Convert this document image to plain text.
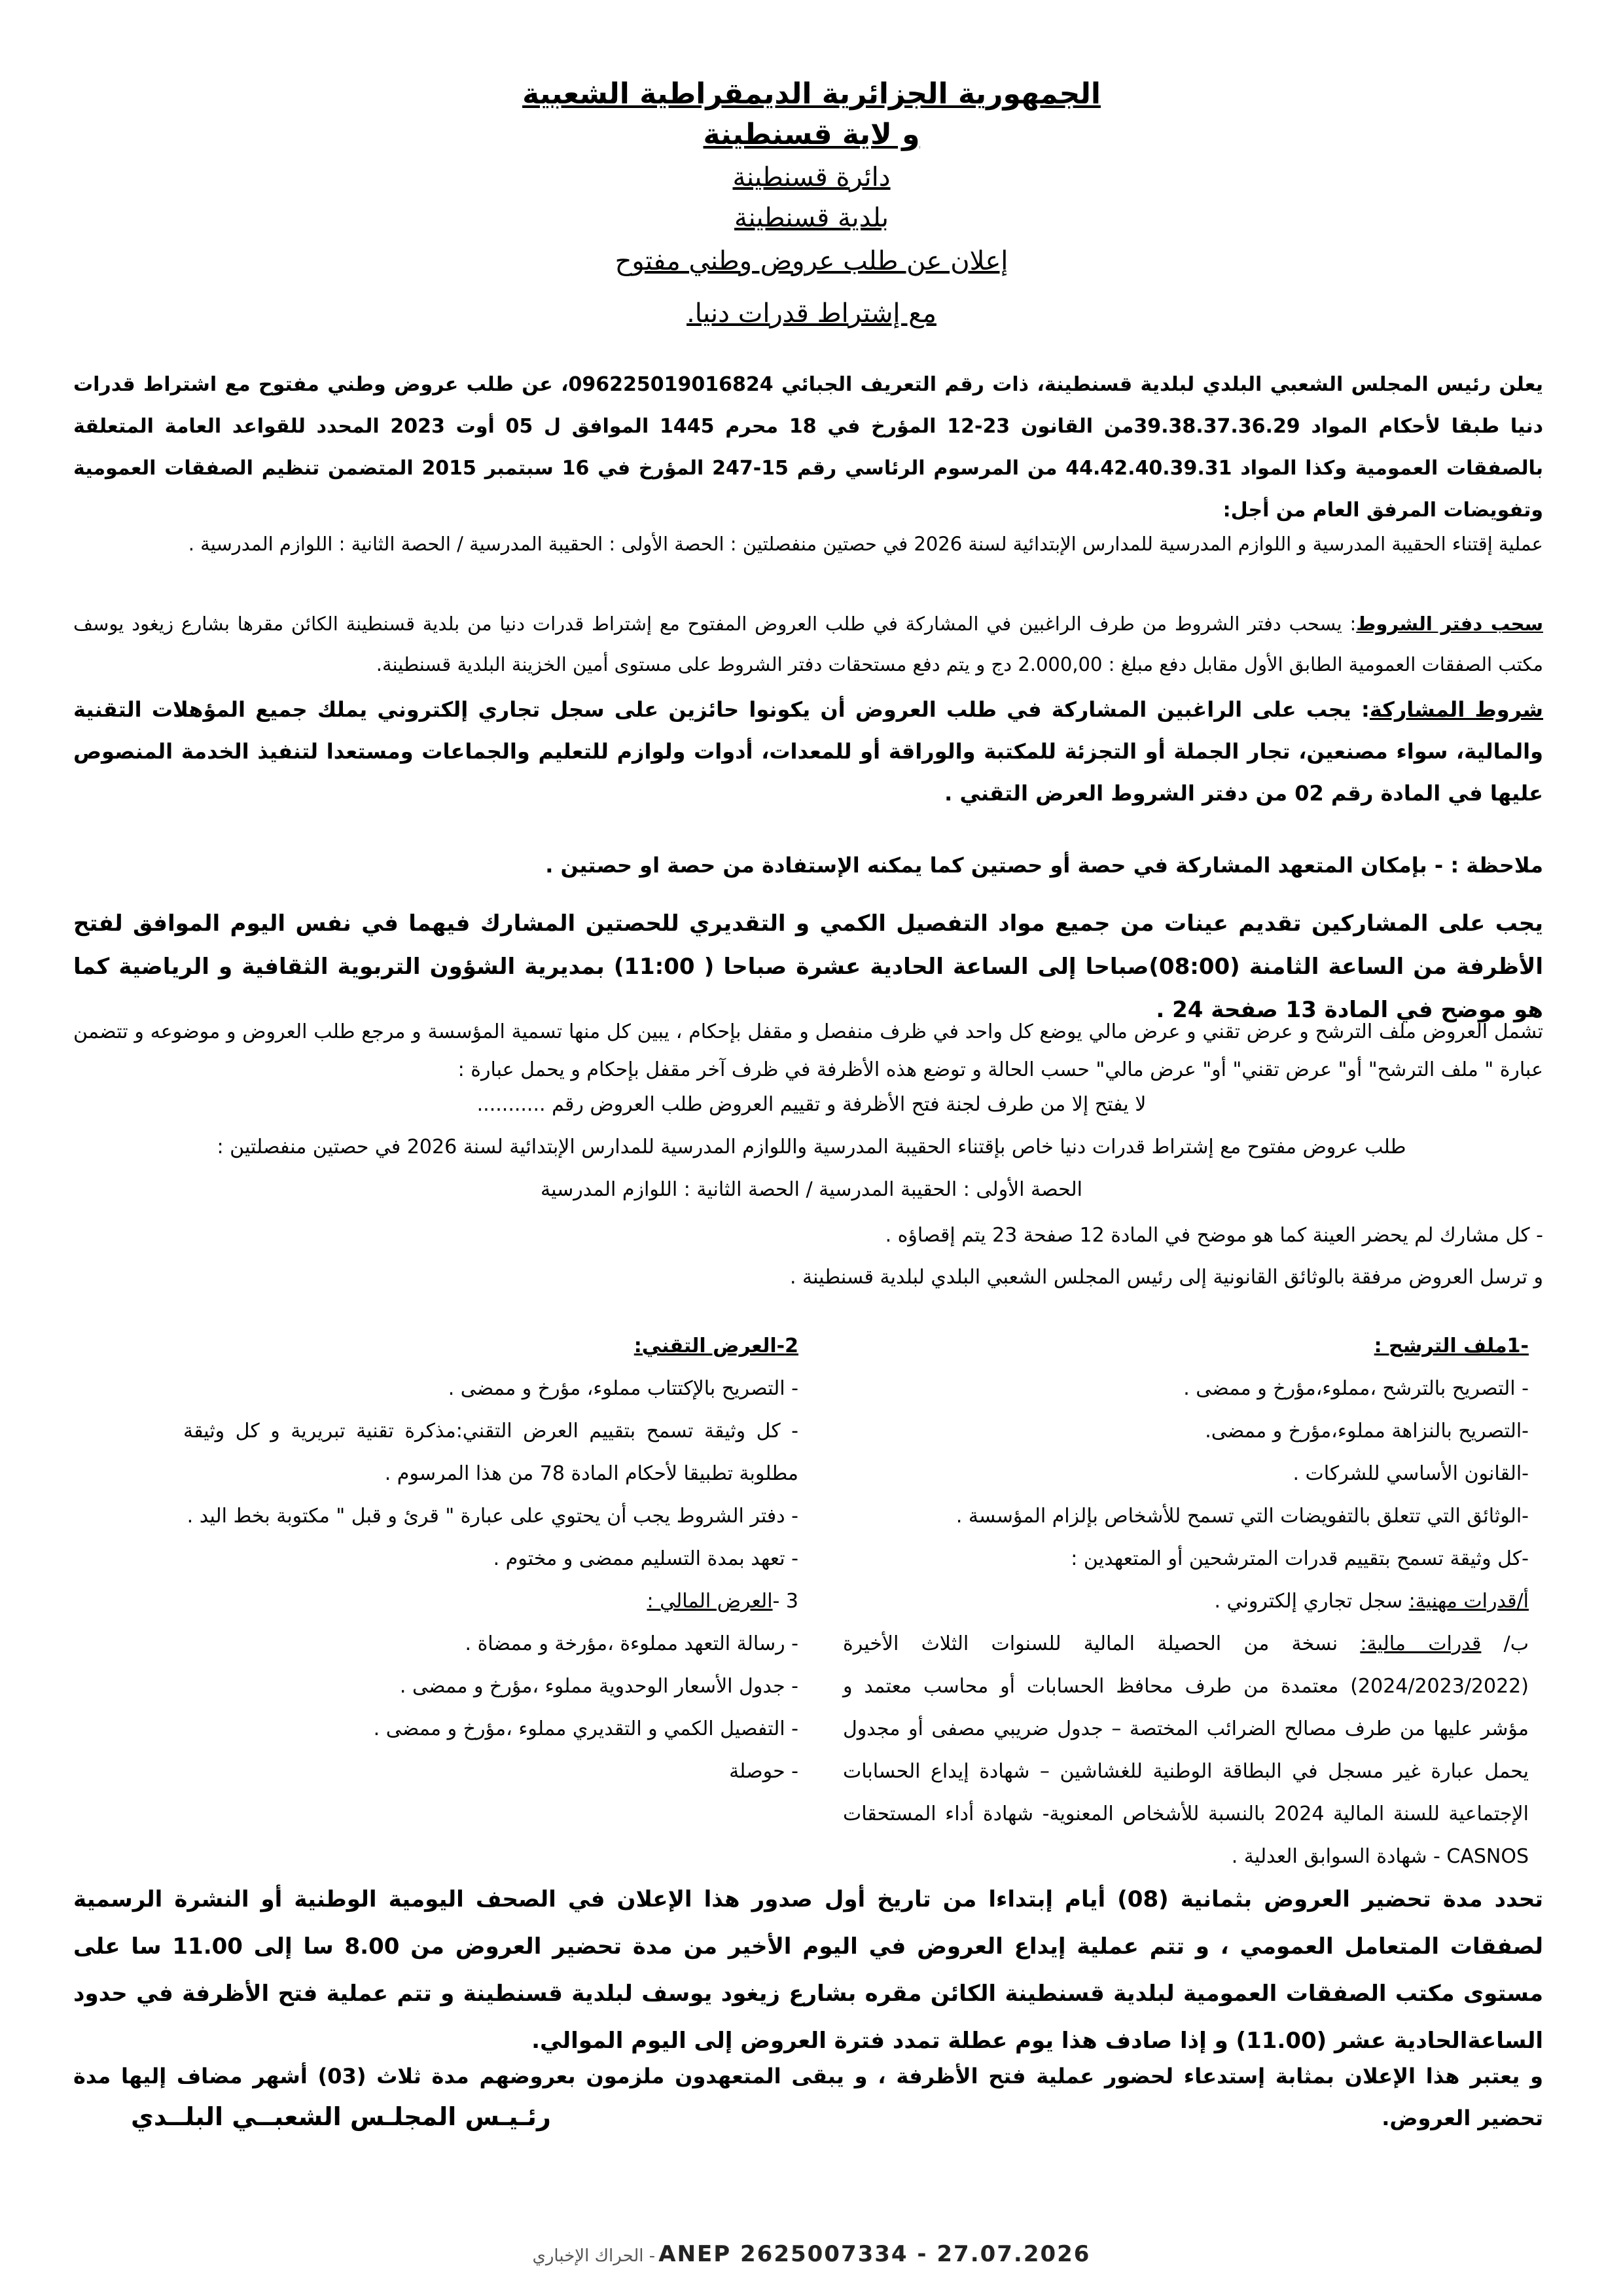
الجمهورية الجزائرية الديمقراطية الشعبية
و لاية قسنطينة
دائرة قسنطينة
بلدية قسنطينة
إعلان عن طلب عروض وطني مفتوح
مع إشتراط قدرات دنيا.
يعلن رئيس المجلس الشعبي البلدي لبلدية قسنطينة، ذات رقم التعريف الجبائي 096225019016824، عن طلب عروض وطني مفتوح مع اشتراط قدرات دنيا طبقا لأحكام المواد 39.38.37.36.29من القانون 23-12 المؤرخ في 18 محرم 1445 الموافق ل 05 أوت 2023 المحدد للقواعد العامة المتعلقة بالصفقات العمومية وكذا المواد 44.42.40.39.31 من المرسوم الرئاسي رقم 15-247 المؤرخ في 16 سبتمبر 2015 المتضمن تنظيم الصفقات العمومية وتفويضات المرفق العام من أجل:
عملية إقتناء الحقيبة المدرسية و اللوازم المدرسية للمدارس الإبتدائية لسنة 2026 في حصتين منفصلتين : الحصة الأولى : الحقيبة المدرسية / الحصة الثانية : اللوازم المدرسية .
سحب دفتر الشروط: يسحب دفتر الشروط من طرف الراغبين في المشاركة في طلب العروض المفتوح مع إشتراط قدرات دنيا من بلدية قسنطينة الكائن مقرها بشارع زيغود يوسف مكتب الصفقات العمومية الطابق الأول مقابل دفع مبلغ : 2.000,00 دج و يتم دفع مستحقات دفتر الشروط على مستوى أمين الخزينة البلدية قسنطينة.
شروط المشاركة: يجب على الراغبين المشاركة في طلب العروض أن يكونوا حائزين على سجل تجاري إلكتروني يملك جميع المؤهلات التقنية والمالية، سواء مصنعين، تجار الجملة أو التجزئة للمكتبة والوراقة أو للمعدات، أدوات ولوازم للتعليم والجماعات ومستعدا لتنفيذ الخدمة المنصوص عليها في المادة رقم 02 من دفتر الشروط العرض التقني .
ملاحظة : - بإمكان المتعهد المشاركة في حصة أو حصتين كما يمكنه الإستفادة من حصة او حصتين .
يجب على المشاركين تقديم عينات من جميع مواد التفصيل الكمي و التقديري للحصتين المشارك فيهما في نفس اليوم الموافق لفتح الأظرفة من الساعة الثامنة (08:00)صباحا إلى الساعة الحادية عشرة صباحا ( 11:00) بمديرية الشؤون التربوية الثقافية و الرياضية كما هو موضح في المادة 13 صفحة 24 .
تشمل العروض ملف الترشح و عرض تقني و عرض مالي يوضع كل واحد في ظرف منفصل و مقفل بإحكام ، يبين كل منها تسمية المؤسسة و مرجع طلب العروض و موضوعه و تتضمن عبارة " ملف الترشح" أو" عرض تقني" أو" عرض مالي" حسب الحالة و توضع هذه الأظرفة في ظرف آخر مقفل بإحكام و يحمل عبارة :
لا يفتح إلا من طرف لجنة فتح الأظرفة و تقييم العروض طلب العروض رقم ...........
طلب عروض مفتوح مع إشتراط قدرات دنيا خاص بإقتناء الحقيبة المدرسية واللوازم المدرسية للمدارس الإبتدائية لسنة 2026 في حصتين منفصلتين :
الحصة الأولى : الحقيبة المدرسية / الحصة الثانية : اللوازم المدرسية
- كل مشارك لم يحضر العينة كما هو موضح في المادة 12 صفحة 23 يتم إقصاؤه .
و ترسل العروض مرفقة بالوثائق القانونية إلى رئيس المجلس الشعبي البلدي لبلدية قسنطينة .
-1ملف الترشح :
- التصريح بالترشح ،مملوء،مؤرخ و ممضى .
-التصريح بالنزاهة مملوء،مؤرخ و ممضى.
-القانون الأساسي للشركات .
-الوثائق التي تتعلق بالتفويضات التي تسمح للأشخاص بإلزام المؤسسة .
-كل وثيقة تسمح بتقييم قدرات المترشحين أو المتعهدين :
أ/قدرات مهنية: سجل تجاري إلكتروني .
ب/ قدرات مالية: نسخة من الحصيلة المالية للسنوات الثلاث الأخيرة (2024/2023/2022) معتمدة من طرف محافظ الحسابات أو محاسب معتمد و مؤشر عليها من طرف مصالح الضرائب المختصة – جدول ضريبي مصفى أو مجدول يحمل عبارة غير مسجل في البطاقة الوطنية للغشاشين – شهادة إيداع الحسابات الإجتماعية للسنة المالية 2024 بالنسبة للأشخاص المعنوية- شهادة أداء المستحقات CASNOS - شهادة السوابق العدلية .
2-العرض التقني:
- التصريح بالإكتتاب مملوء، مؤرخ و ممضى .
- كل وثيقة تسمح بتقييم العرض التقني:مذكرة تقنية تبريرية و كل وثيقة مطلوبة تطبيقا لأحكام المادة 78 من هذا المرسوم .
- دفتر الشروط يجب أن يحتوي على عبارة " قرئ و قبل " مكتوبة بخط اليد .
- تعهد بمدة التسليم ممضى و مختوم .
3 -العرض المالي :
- رسالة التعهد مملوءة ،مؤرخة و ممضاة .
- جدول الأسعار الوحدوية مملوء ،مؤرخ و ممضى .
- التفصيل الكمي و التقديري مملوء ،مؤرخ و ممضى .
- حوصلة
تحدد مدة تحضير العروض بثمانية (08) أيام إبتداءا من تاريخ أول صدور هذا الإعلان في الصحف اليومية الوطنية أو النشرة الرسمية لصفقات المتعامل العمومي ، و تتم عملية إيداع العروض في اليوم الأخير من مدة تحضير العروض من 8.00 سا إلى 11.00 سا على مستوى مكتب الصفقات العمومية لبلدية قسنطينة الكائن مقره بشارع زيغود يوسف لبلدية قسنطينة و تتم عملية فتح الأظرفة في حدود الساعةالحادية عشر (11.00) و إذا صادف هذا يوم عطلة تمدد فترة العروض إلى اليوم الموالي.
و يعتبر هذا الإعلان بمثابة إستدعاء لحضور عملية فتح الأظرفة ، و يبقى المتعهدون ملزمون بعروضهم مدة ثلاث (03) أشهر مضاف إليها مدة تحضير العروض.
رئـيـس المجلـس الشعبــي البلــدي
الحراك الإخباري - ANEP 2625007334 - 27.07.2026
